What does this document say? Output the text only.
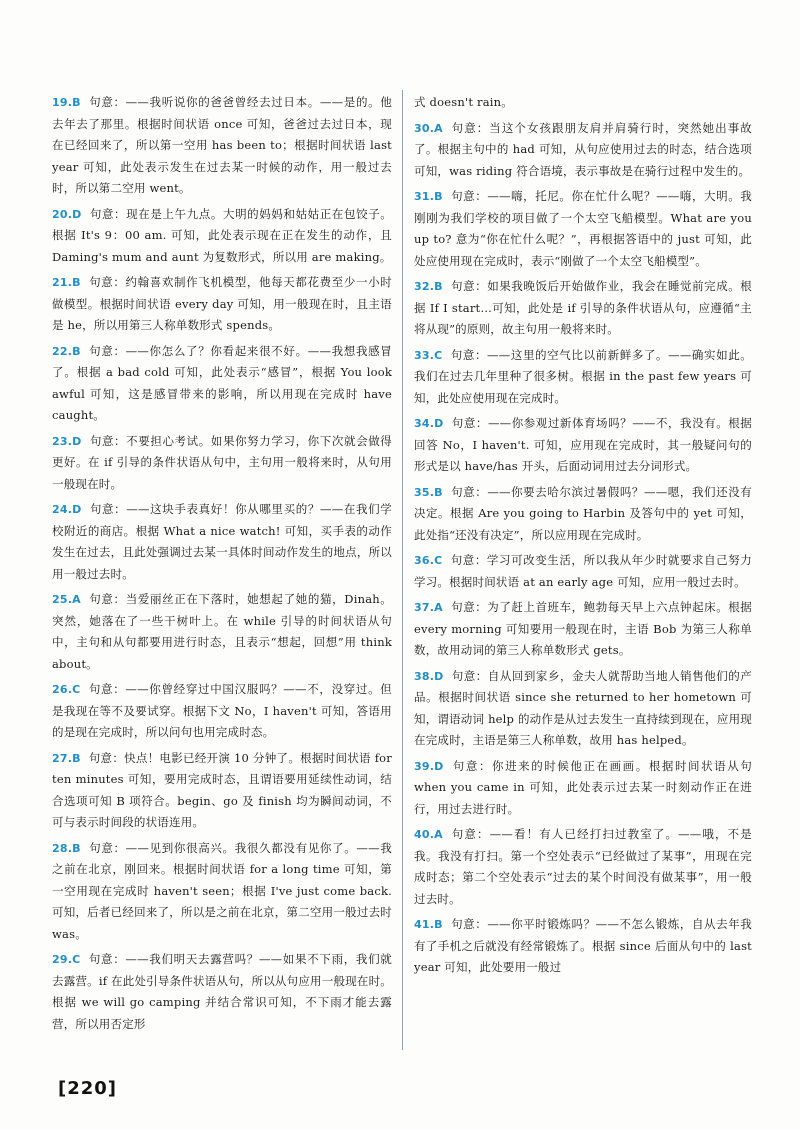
19.B 句意：——我听说你的爸爸曾经去过日本。——是的。他去年去了那里。根据时间状语 once 可知，爸爸过去过日本，现在已经回来了，所以第一空用 has been to；根据时间状语 last year 可知，此处表示发生在过去某一时候的动作，用一般过去时，所以第二空用 went。

20.D 句意：现在是上午九点。大明的妈妈和姑姑正在包饺子。根据 It's 9：00 am. 可知，此处表示现在正在发生的动作，且 Daming's mum and aunt 为复数形式，所以用 are making。

21.B 句意：约翰喜欢制作飞机模型，他每天都花费至少一小时做模型。根据时间状语 every day 可知，用一般现在时，且主语是 he，所以用第三人称单数形式 spends。

22.B 句意：——你怎么了？你看起来很不好。——我想我感冒了。根据 a bad cold 可知，此处表示“感冒”，根据 You look awful 可知，这是感冒带来的影响，所以用现在完成时 have caught。

23.D 句意：不要担心考试。如果你努力学习，你下次就会做得更好。在 if 引导的条件状语从句中，主句用一般将来时，从句用一般现在时。

24.D 句意：——这块手表真好！你从哪里买的？——在我们学校附近的商店。根据 What a nice watch! 可知，买手表的动作发生在过去，且此处强调过去某一具体时间动作发生的地点，所以用一般过去时。

25.A 句意：当爱丽丝正在下落时，她想起了她的猫，Dinah。突然，她落在了一些干树叶上。在 while 引导的时间状语从句中，主句和从句都要用进行时态，且表示“想起，回想”用 think about。

26.C 句意：——你曾经穿过中国汉服吗？——不，没穿过。但是我现在等不及要试穿。根据下文 No，I haven't 可知，答语用的是现在完成时，所以问句也用完成时态。

27.B 句意：快点！电影已经开演 10 分钟了。根据时间状语 for ten minutes 可知，要用完成时态，且谓语要用延续性动词，结合选项可知 B 项符合。begin、go 及 finish 均为瞬间动词，不可与表示时间段的状语连用。

28.B 句意：——见到你很高兴。我很久都没有见你了。——我之前在北京，刚回来。根据时间状语 for a long time 可知，第一空用现在完成时 haven't seen；根据 I've just come back. 可知，后者已经回来了，所以是之前在北京，第二空用一般过去时 was。

29.C 句意：——我们明天去露营吗？——如果不下雨，我们就去露营。if 在此处引导条件状语从句，所以从句应用一般现在时。根据 we will go camping 并结合常识可知，不下雨才能去露营，所以用否定形

式 doesn't rain。

30.A 句意：当这个女孩跟朋友肩并肩骑行时，突然她出事故了。根据主句中的 had 可知，从句应使用过去的时态，结合选项可知，was riding 符合语境，表示事故是在骑行过程中发生的。

31.B 句意：——嗨，托尼。你在忙什么呢？——嗨，大明。我刚刚为我们学校的项目做了一个太空飞船模型。What are you up to? 意为“你在忙什么呢？”，再根据答语中的 just 可知，此处应使用现在完成时，表示“刚做了一个太空飞船模型”。

32.B 句意：如果我晚饭后开始做作业，我会在睡觉前完成。根据 If I start…可知，此处是 if 引导的条件状语从句，应遵循“主将从现”的原则，故主句用一般将来时。

33.C 句意：——这里的空气比以前新鲜多了。——确实如此。我们在过去几年里种了很多树。根据 in the past few years 可知，此处应使用现在完成时。

34.D 句意：——你参观过新体育场吗？——不，我没有。根据回答 No，I haven't. 可知，应用现在完成时，其一般疑问句的形式是以 have/has 开头，后面动词用过去分词形式。

35.B 句意：——你要去哈尔滨过暑假吗？——嗯，我们还没有决定。根据 Are you going to Harbin 及答句中的 yet 可知，此处指“还没有决定”，所以应用现在完成时。

36.C 句意：学习可改变生活，所以我从年少时就要求自己努力学习。根据时间状语 at an early age 可知，应用一般过去时。

37.A 句意：为了赶上首班车，鲍勃每天早上六点钟起床。根据 every morning 可知要用一般现在时，主语 Bob 为第三人称单数，故用动词的第三人称单数形式 gets。

38.D 句意：自从回到家乡，金夫人就帮助当地人销售他们的产品。根据时间状语 since she returned to her hometown 可知，谓语动词 help 的动作是从过去发生一直持续到现在，应用现在完成时，主语是第三人称单数，故用 has helped。

39.D 句意：你进来的时候他正在画画。根据时间状语从句 when you came in 可知，此处表示过去某一时刻动作正在进行，用过去进行时。

40.A 句意：——看！有人已经打扫过教室了。——哦，不是我。我没有打扫。第一个空处表示“已经做过了某事”，用现在完成时态；第二个空处表示“过去的某个时间没有做某事”，用一般过去时。

41.B 句意：——你平时锻炼吗？——不怎么锻炼，自从去年我有了手机之后就没有经常锻炼了。根据 since 后面从句中的 last year 可知，此处要用一般过

[220]
